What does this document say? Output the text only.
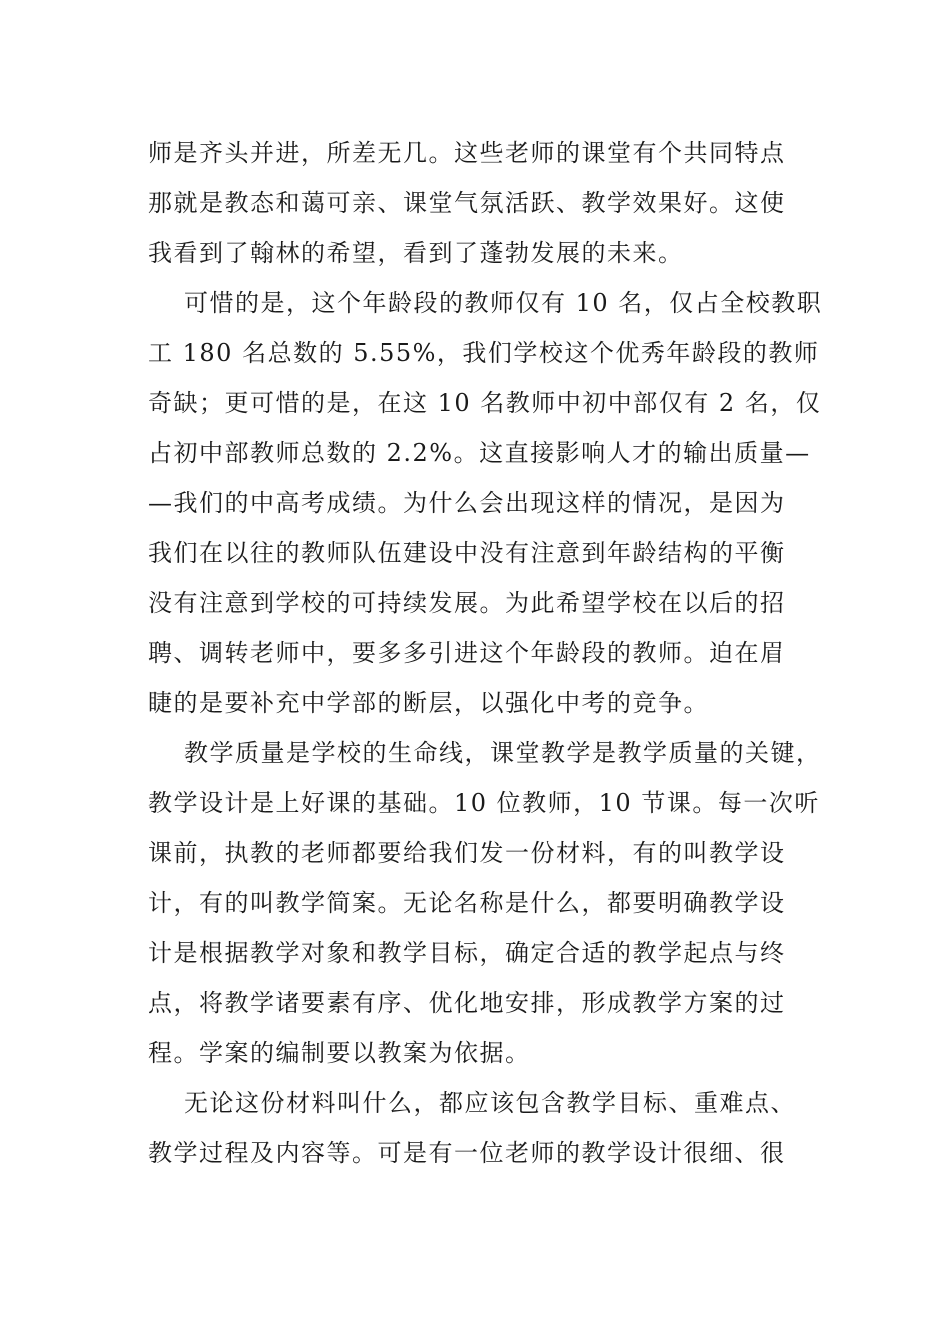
师是齐头并进，所差无几。这些老师的课堂有个共同特点
那就是教态和蔼可亲、课堂气氛活跃、教学效果好。这使
我看到了翰林的希望，看到了蓬勃发展的未来。
可惜的是，这个年龄段的教师仅有 10 名，仅占全校教职
工 180 名总数的 5.55%，我们学校这个优秀年龄段的教师
奇缺；更可惜的是，在这 10 名教师中初中部仅有 2 名，仅
占初中部教师总数的 2.2%。这直接影响人才的输出质量—
—我们的中高考成绩。为什么会出现这样的情况，是因为
我们在以往的教师队伍建设中没有注意到年龄结构的平衡
没有注意到学校的可持续发展。为此希望学校在以后的招
聘、调转老师中，要多多引进这个年龄段的教师。迫在眉
睫的是要补充中学部的断层，以强化中考的竞争。
教学质量是学校的生命线，课堂教学是教学质量的关键，
教学设计是上好课的基础。10 位教师，10 节课。每一次听
课前，执教的老师都要给我们发一份材料，有的叫教学设
计，有的叫教学简案。无论名称是什么，都要明确教学设
计是根据教学对象和教学目标，确定合适的教学起点与终
点，将教学诸要素有序、优化地安排，形成教学方案的过
程。学案的编制要以教案为依据。
无论这份材料叫什么，都应该包含教学目标、重难点、
教学过程及内容等。可是有一位老师的教学设计很细、很
